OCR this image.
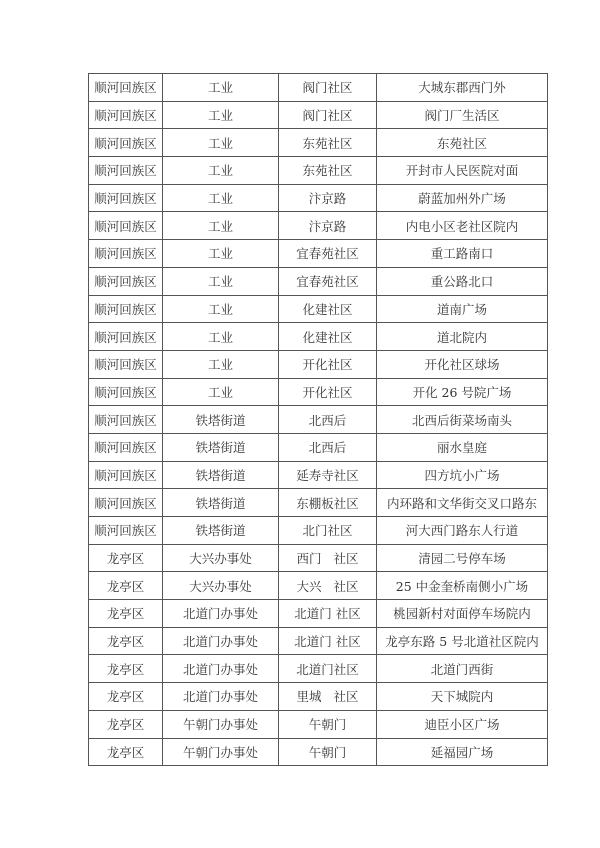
顺河回族区	工业	阀门社区	大城东郡西门外
顺河回族区	工业	阀门社区	阀门厂生活区
顺河回族区	工业	东苑社区	东苑社区
顺河回族区	工业	东苑社区	开封市人民医院对面
顺河回族区	工业	汴京路	蔚蓝加州外广场
顺河回族区	工业	汴京路	内电小区老社区院内
顺河回族区	工业	宜春苑社区	重工路南口
顺河回族区	工业	宜春苑社区	重公路北口
顺河回族区	工业	化建社区	道南广场
顺河回族区	工业	化建社区	道北院内
顺河回族区	工业	开化社区	开化社区球场
顺河回族区	工业	开化社区	开化 26 号院广场
顺河回族区	铁塔街道	北西后	北西后街菜场南头
顺河回族区	铁塔街道	北西后	丽水皇庭
顺河回族区	铁塔街道	延寿寺社区	四方坑小广场
顺河回族区	铁塔街道	东棚板社区	内环路和文华街交叉口路东
顺河回族区	铁塔街道	北门社区	河大西门路东人行道
龙亭区	大兴办事处	西门   社区	清园二号停车场
龙亭区	大兴办事处	大兴   社区	25 中金奎桥南侧小广场
龙亭区	北道门办事处	北道门 社区	桃园新村对面停车场院内
龙亭区	北道门办事处	北道门 社区	龙亭东路 5 号北道社区院内
龙亭区	北道门办事处	北道门社区	北道门西街
龙亭区	北道门办事处	里城   社区	天下城院内
龙亭区	午朝门办事处	午朝门	迪臣小区广场
龙亭区	午朝门办事处	午朝门	延福园广场
